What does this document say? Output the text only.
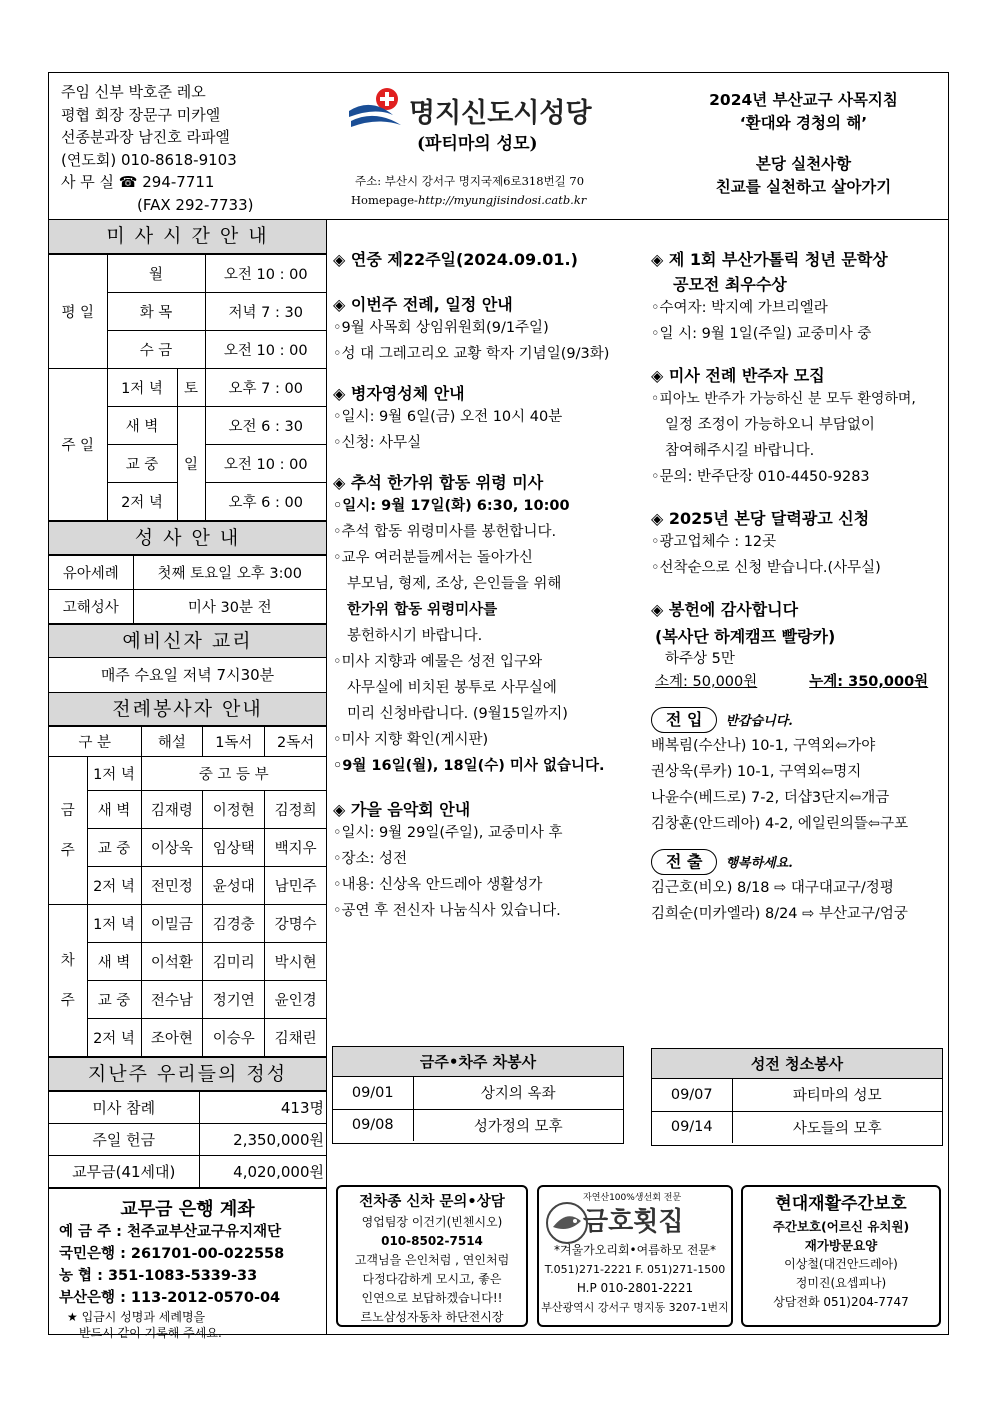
주임 신부 박호준 레오
평협 회장 장문구 미카엘
선종분과장 남진호 라파엘
(연도회) 010-8618-9103
사 무 실 ☎ 294-7711
(FAX 292-7733)
명지신도시성당
(파티마의 성모)
주소: 부산시 강서구 명지국제6로318번길 70
Homepage-http://myungjisindosi.catb.kr
2024년 부산교구 사목지침
‘환대와 경청의 해’
본당 실천사항
친교를 실천하고 살아가기
미 사 시 간 안 내
평 일	월		오전 10 : 00
	화 목		저녁 7 : 30
	수 금		오전 10 : 00
주 일	1저 녁	토	오후 7 : 00
	새 벽	일	오전 6 : 30
	교 중		오전 10 : 00
	2저 녁		오후 6 : 00
성 사 안 내
유아세례	첫째 토요일 오후 3:00
고해성사	미사 30분 전
예비신자 교리
매주 수요일 저녁 7시30분
전례봉사자 안내
구 분		해설	1독서	2독서
금

주	1저 녁	중 고 등 부		
	새 벽	김재령	이정현	김정희
	교 중	이상욱	임상택	백지우
	2저 녁	전민정	윤성대	남민주
차

주	1저 녁	이밀금	김경충	강명수
	새 벽	이석환	김미리	박시현
	교 중	전수남	정기연	윤인경
	2저 녁	조아현	이승우	김채린
지난주 우리들의 정성
미사 참례	413명
주일 헌금	2,350,000원
교무금(41세대)	4,020,000원
교무금 은행 계좌
예 금 주 : 천주교부산교구유지재단
국민은행 : 261701-00-022558
농 협 : 351-1083-5339-33
부산은행 : 113-2012-0570-04
★ 입금시 성명과 세례명을
반드시 같이 기록해 주세요.
◈ 연중 제22주일(2024.09.01.)
◈ 이번주 전례, 일정 안내

◦9월 사목회 상임위원회(9/1주일)

◦성 대 그레고리오 교황 학자 기념일(9/3화)

◈ 병자영성체 안내

◦일시: 9월 6일(금) 오전 10시 40분

◦신청: 사무실

◈ 추석 한가위 합동 위령 미사

◦일시: 9월 17일(화) 6:30, 10:00

◦추석 합동 위령미사를 봉헌합니다.

◦교우 여러분들께서는 돌아가신

부모님, 형제, 조상, 은인들을 위해

한가위 합동 위령미사를

봉헌하시기 바랍니다.

◦미사 지향과 예물은 성전 입구와

사무실에 비치된 봉투로 사무실에

미리 신청바랍니다. (9월15일까지)

◦미사 지향 확인(게시판)

◦9월 16일(월), 18일(수) 미사 없습니다.

◈ 가을 음악회 안내

◦일시: 9월 29일(주일), 교중미사 후

◦장소: 성전

◦내용: 신상옥 안드레아 생활성가

◦공연 후 전신자 나눔식사 있습니다.

◈ 제 1회 부산가톨릭 청년 문학상
공모전 최우수상

◦수여자: 박지예 가브리엘라

◦일 시: 9월 1일(주일) 교중미사 중

◈ 미사 전례 반주자 모집

◦피아노 반주가 가능하신 분 모두 환영하며,

일정 조정이 가능하오니 부담없이

참여해주시길 바랍니다.

◦문의: 반주단장 010-4450-9283

◈ 2025년 본당 달력광고 신청

◦광고업체수 : 12곳

◦선착순으로 신청 받습니다.(사무실)

◈ 봉헌에 감사합니다
(복사단 하계캠프 빨랑카)

하주상 5만

소계: 50,000원	누계: 350,000원

전 입 반갑습니다.

배복림(수산나) 10-1, 구역외⇦가야

권상욱(루카) 10-1, 구역외⇦명지

나윤수(베드로) 7-2, 더샵3단지⇦개금

김창훈(안드레아) 4-2, 에일린의뜰⇦구포

전 출 행복하세요.

김근호(비오) 8/18 ⇨ 대구대교구/정평

김희순(미카엘라) 8/24 ⇨ 부산교구/엄궁

금주•차주 차봉사
09/01	상지의 옥좌
09/08	성가정의 모후
성전 청소봉사
09/07	파티마의 성모
09/14	사도들의 모후
전차종 신차 문의•상담
영업팀장 이건기(빈첸시오)
010-8502-7514
고객님을 은인처럼 , 연인처럼
다정다감하게 모시고, 좋은
인연으로 보답하겠습니다!!
르노삼성자동차 하단전시장
자연산100%생선회 전문
금호횟집
*겨울가오리회•여름하모 전문*
T.051)271-2221 F. 051)271-1500
H.P 010-2801-2221
부산광역시 강서구 명지동 3207-1번지
현대재활주간보호
주간보호(어르신 유치원)
재가방문요양
이상철(대건안드레아)
정미진(요셉피나)
상담전화 051)204-7747
